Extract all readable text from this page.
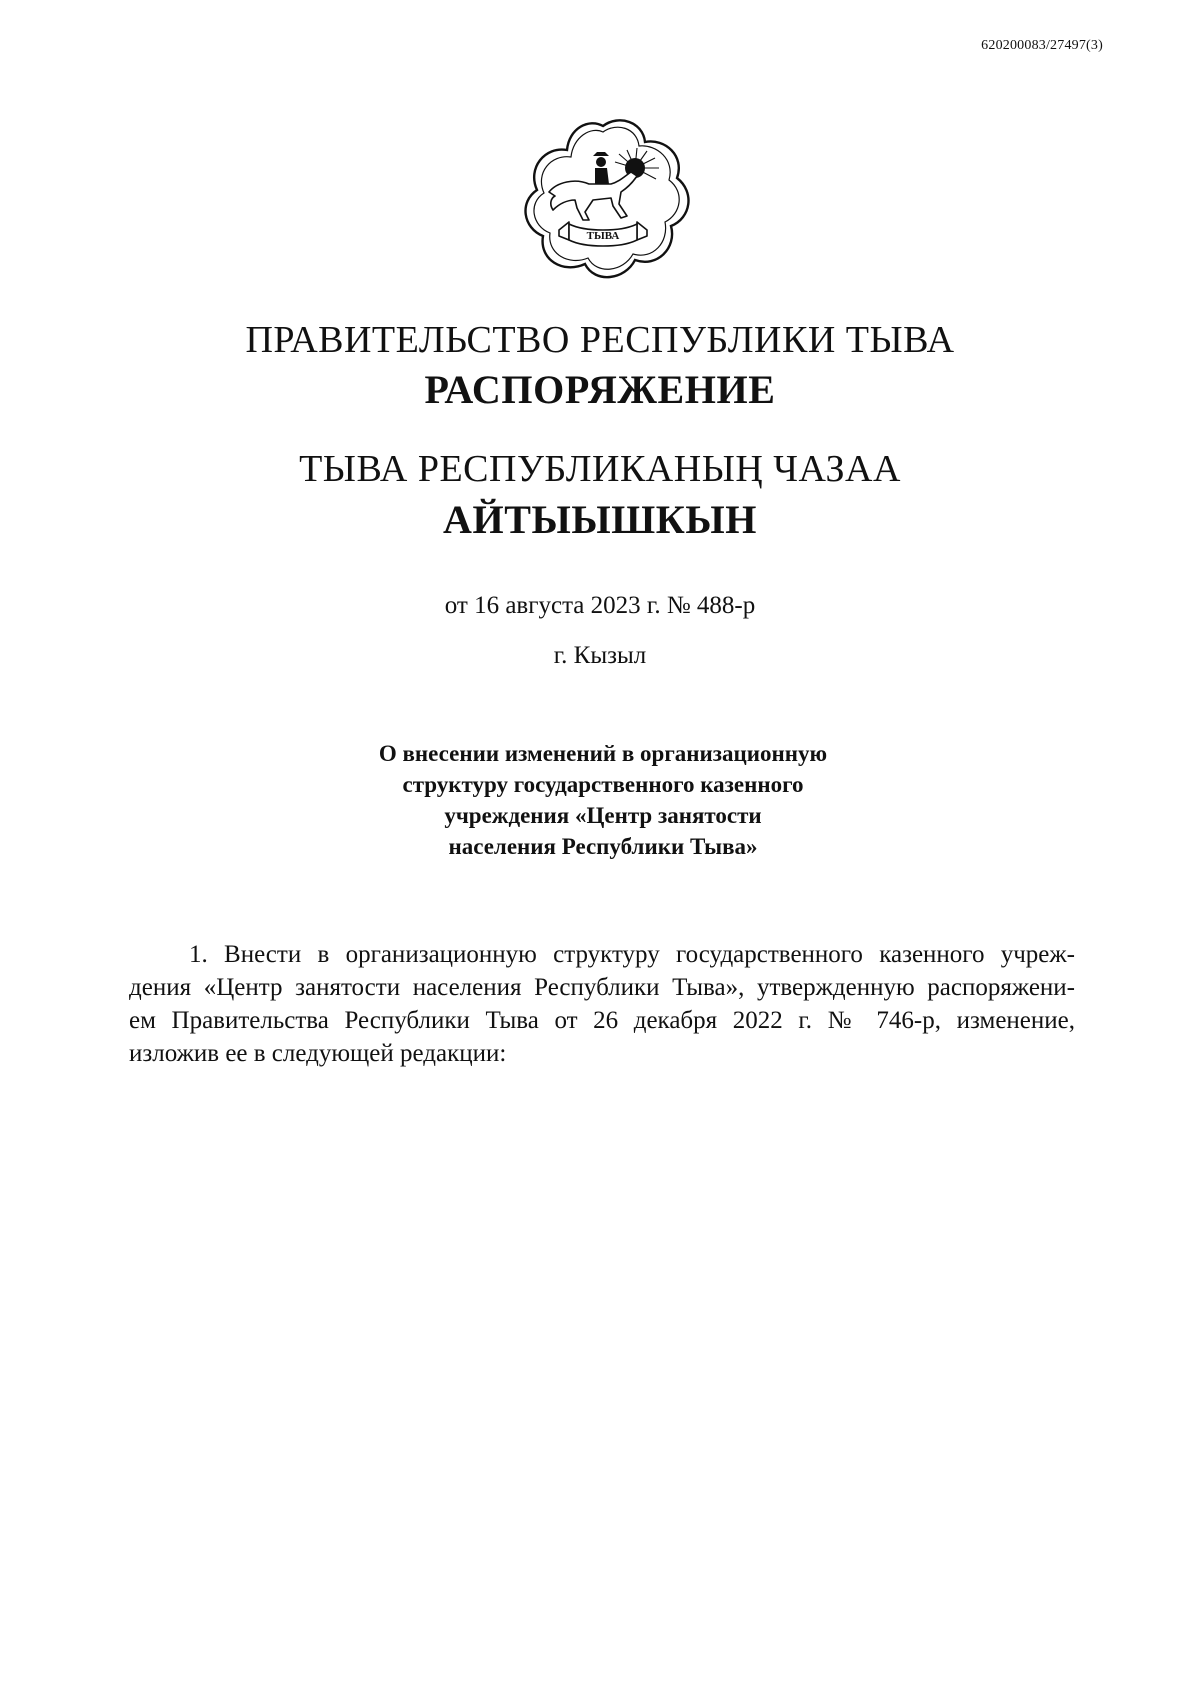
620200083/27497(3)
ТЫВА
ПРАВИТЕЛЬСТВО РЕСПУБЛИКИ ТЫВА
РАСПОРЯЖЕНИЕ
ТЫВА РЕСПУБЛИКАНЫҢ ЧАЗАА
АЙТЫЫШКЫН
от 16 августа 2023 г. № 488-р
г. Кызыл
О внесении изменений в организационную
структуру государственного казенного
учреждения «Центр занятости
населения Республики Тыва»
1. Внести в организационную структуру государственного казенного учреж-
дения «Центр занятости населения Республики Тыва», утвержденную распоряжени-
ем Правительства Республики Тыва от 26 декабря 2022 г. № 746-р, изменение,
изложив ее в следующей редакции:
